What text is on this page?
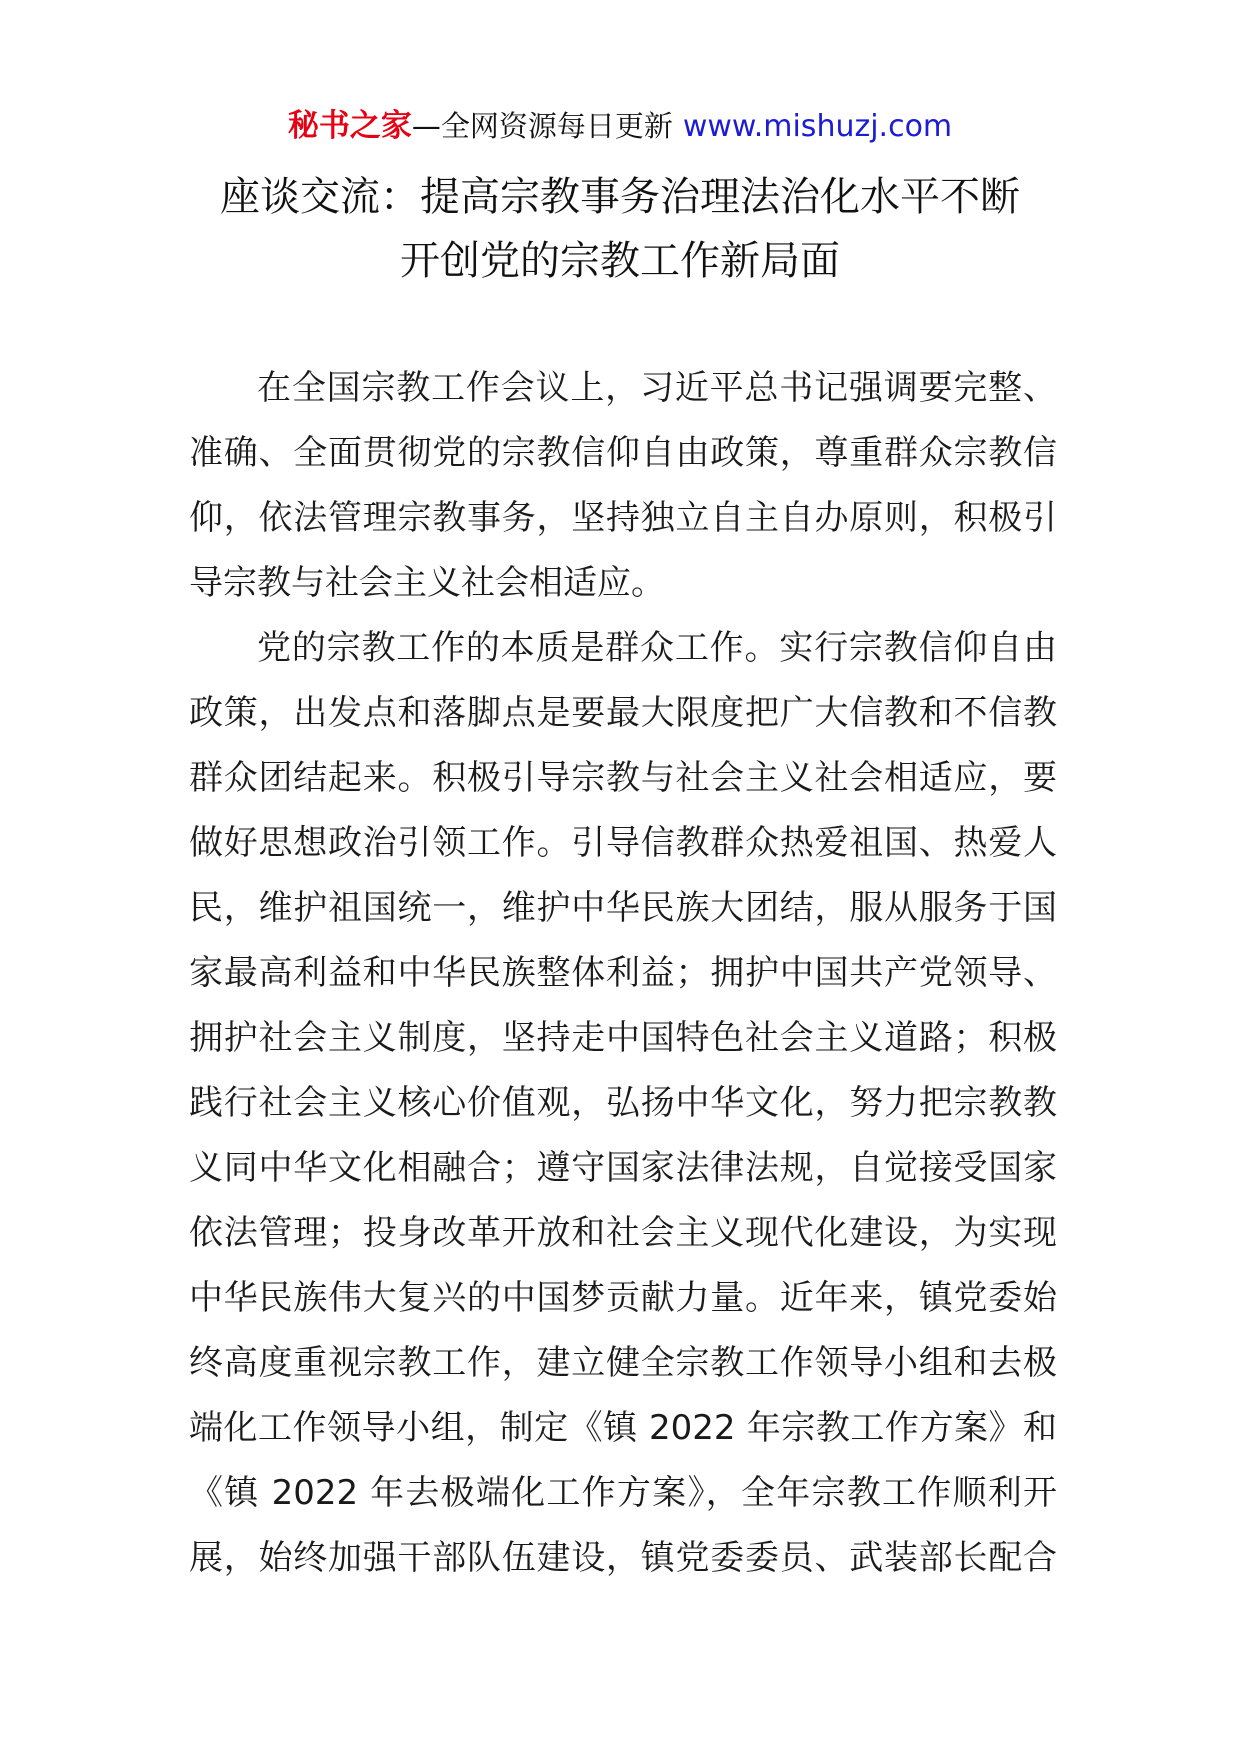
秘书之家—全网资源每日更新 www.mishuzj.com
座谈交流：提高宗教事务治理法治化水平不断
开创党的宗教工作新局面
在全国宗教工作会议上，习近平总书记强调要完整、
准确、全面贯彻党的宗教信仰自由政策，尊重群众宗教信
仰，依法管理宗教事务，坚持独立自主自办原则，积极引
导宗教与社会主义社会相适应。
党的宗教工作的本质是群众工作。实行宗教信仰自由
政策，出发点和落脚点是要最大限度把广大信教和不信教
群众团结起来。积极引导宗教与社会主义社会相适应，要
做好思想政治引领工作。引导信教群众热爱祖国、热爱人
民，维护祖国统一，维护中华民族大团结，服从服务于国
家最高利益和中华民族整体利益；拥护中国共产党领导、
拥护社会主义制度，坚持走中国特色社会主义道路；积极
践行社会主义核心价值观，弘扬中华文化，努力把宗教教
义同中华文化相融合；遵守国家法律法规，自觉接受国家
依法管理；投身改革开放和社会主义现代化建设，为实现
中华民族伟大复兴的中国梦贡献力量。近年来，镇党委始
终高度重视宗教工作，建立健全宗教工作领导小组和去极
端化工作领导小组，制定《镇 2022 年宗教工作方案》和
《镇 2022 年去极端化工作方案》，全年宗教工作顺利开
展，始终加强干部队伍建设，镇党委委员、武装部长配合
